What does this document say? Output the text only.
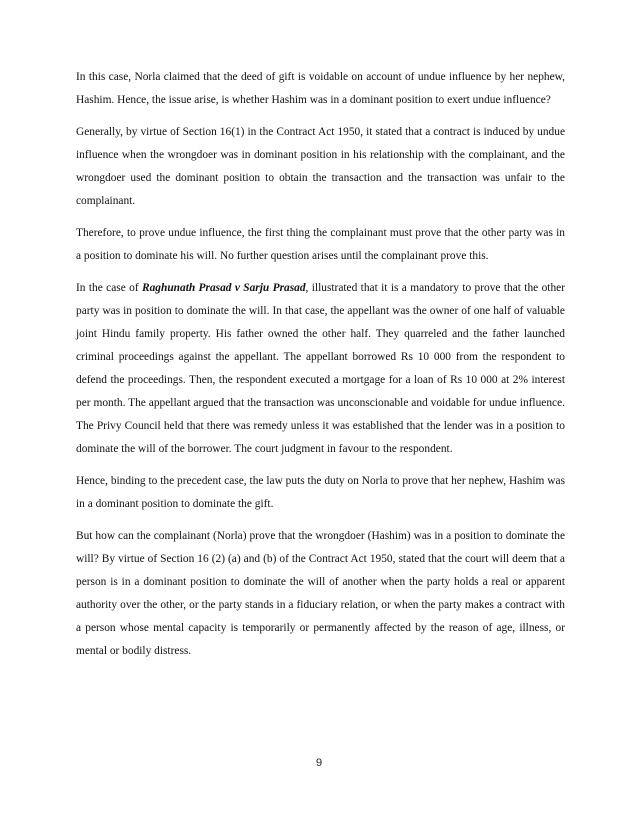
In this case, Norla claimed that the deed of gift is voidable on account of undue influence by her nephew, Hashim. Hence, the issue arise, is whether Hashim was in a dominant position to exert undue influence?

Generally, by virtue of Section 16(1) in the Contract Act 1950, it stated that a contract is induced by undue influence when the wrongdoer was in dominant position in his relationship with the complainant, and the wrongdoer used the dominant position to obtain the transaction and the transaction was unfair to the complainant.

Therefore, to prove undue influence, the first thing the complainant must prove that the other party was in a position to dominate his will. No further question arises until the complainant prove this.

In the case of Raghunath Prasad v Sarju Prasad, illustrated that it is a mandatory to prove that the other party was in position to dominate the will. In that case, the appellant was the owner of one half of valuable joint Hindu family property. His father owned the other half. They quarreled and the father launched criminal proceedings against the appellant. The appellant borrowed Rs 10 000 from the respondent to defend the proceedings. Then, the respondent executed a mortgage for a loan of Rs 10 000 at 2% interest per month. The appellant argued that the transaction was unconscionable and voidable for undue influence. The Privy Council held that there was remedy unless it was established that the lender was in a position to dominate the will of the borrower. The court judgment in favour to the respondent.

Hence, binding to the precedent case, the law puts the duty on Norla to prove that her nephew, Hashim was in a dominant position to dominate the gift.

But how can the complainant (Norla) prove that the wrongdoer (Hashim) was in a position to dominate the will? By virtue of Section 16 (2) (a) and (b) of the Contract Act 1950, stated that the court will deem that a person is in a dominant position to dominate the will of another when the party holds a real or apparent authority over the other, or the party stands in a fiduciary relation, or when the party makes a contract with a person whose mental capacity is temporarily or permanently affected by the reason of age, illness, or mental or bodily distress.

9
